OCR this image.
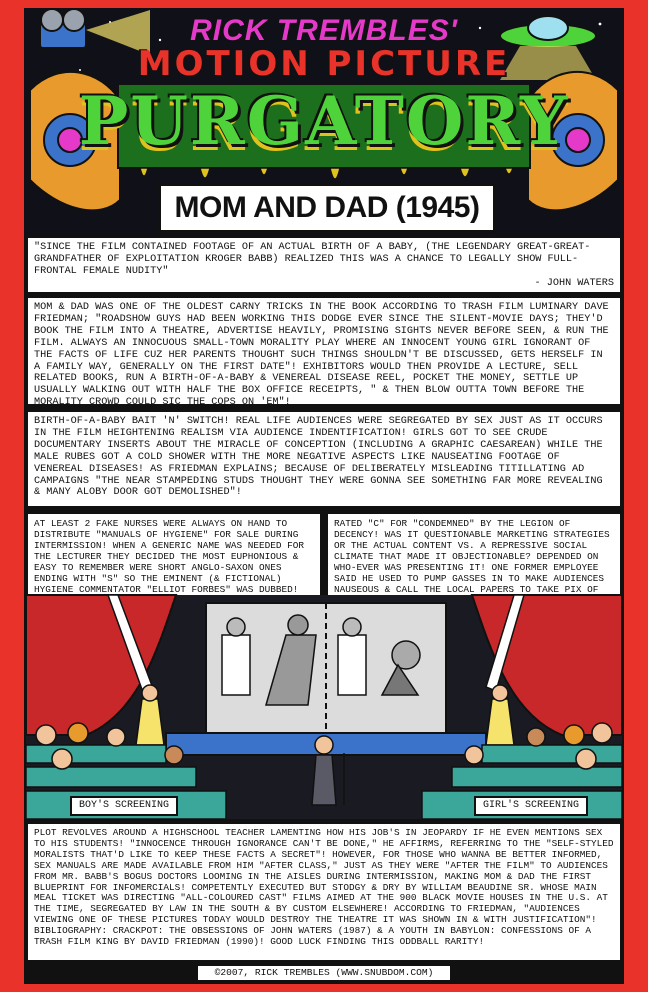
RICK TREMBLES'
MOTION PICTURE
PURGATORY
MOM AND DAD (1945)

"SINCE THE FILM CONTAINED FOOTAGE OF AN ACTUAL BIRTH OF A BABY, (THE LEGENDARY GREAT-GREAT-GRANDFATHER OF EXPLOITATION KROGER BABB) REALIZED THIS WAS A CHANCE TO LEGALLY SHOW FULL-FRONTAL FEMALE NUDITY"

- JOHN WATERS

MOM & DAD WAS ONE OF THE OLDEST CARNY TRICKS IN THE BOOK ACCORDING TO TRASH FILM LUMINARY DAVE FRIEDMAN; "ROADSHOW GUYS HAD BEEN WORKING THIS DODGE EVER SINCE THE SILENT-MOVIE DAYS; THEY'D BOOK THE FILM INTO A THEATRE, ADVERTISE HEAVILY, PROMISING SIGHTS NEVER BEFORE SEEN, & RUN THE FILM. ALWAYS AN INNOCUOUS SMALL-TOWN MORALITY PLAY WHERE AN INNOCENT YOUNG GIRL IGNORANT OF THE FACTS OF LIFE CUZ HER PARENTS THOUGHT SUCH THINGS SHOULDN'T BE DISCUSSED, GETS HERSELF IN A FAMILY WAY, GENERALLY ON THE FIRST DATE"! EXHIBITORS WOULD THEN PROVIDE A LECTURE, SELL RELATED BOOKS, RUN A BIRTH-OF-A-BABY & VENEREAL DISEASE REEL, POCKET THE MONEY, SETTLE UP USUALLY WALKING OUT WITH HALF THE BOX OFFICE RECEIPTS, " & THEN BLOW OUTTA TOWN BEFORE THE MORALITY CROWD COULD SIC THE COPS ON 'EM"!

BIRTH-OF-A-BABY BAIT 'N' SWITCH! REAL LIFE AUDIENCES WERE SEGREGATED BY SEX JUST AS IT OCCURS IN THE FILM HEIGHTENING REALISM VIA AUDIENCE INDENTIFICATION! GIRLS GOT TO SEE CRUDE DOCUMENTARY INSERTS ABOUT THE MIRACLE OF CONCEPTION (INCLUDING A GRAPHIC CAESAREAN) WHILE THE MALE RUBES GOT A COLD SHOWER WITH THE MORE NEGATIVE ASPECTS LIKE NAUSEATING FOOTAGE OF VENEREAL DISEASES! AS FRIEDMAN EXPLAINS; BECAUSE OF DELIBERATELY MISLEADING TITILLATING AD CAMPAIGNS "THE NEAR STAMPEDING STUDS THOUGHT THEY WERE GONNA SEE SOMETHING FAR MORE REVEALING & MANY ALOBY DOOR GOT DEMOLISHED"!

AT LEAST 2 FAKE NURSES WERE ALWAYS ON HAND TO DISTRIBUTE "MANUALS OF HYGIENE" FOR SALE DURING INTERMISSION! WHEN A GENERIC NAME WAS NEEDED FOR THE LECTURER THEY DECIDED THE MOST EUPHONIOUS & EASY TO REMEMBER WERE SHORT ANGLO-SAXON ONES ENDING WITH "S" SO THE EMINENT (& FICTIONAL) HYGIENE COMMENTATOR "ELLIOT FORBES" WAS DUBBED!

RATED "C" FOR "CONDEMNED" BY THE LEGION OF DECENCY! WAS IT QUESTIONABLE MARKETING STRATEGIES OR THE ACTUAL CONTENT VS. A REPRESSIVE SOCIAL CLIMATE THAT MADE IT OBJECTIONABLE? DEPENDED ON WHO-EVER WAS PRESENTING IT! ONE FORMER EMPLOYEE SAID HE USED TO PUMP GASSES IN TO MAKE AUDIENCES NAUSEOUS & CALL THE LOCAL PAPERS TO TAKE PIX OF

BOY'S SCREENING	GIRL'S SCREENING

PLOT REVOLVES AROUND A HIGHSCHOOL TEACHER LAMENTING HOW HIS JOB'S IN JEOPARDY IF HE EVEN MENTIONS SEX TO HIS STUDENTS! "INNOCENCE THROUGH IGNORANCE CAN'T BE DONE," HE AFFIRMS, REFERRING TO THE "SELF-STYLED MORALISTS THAT'D LIKE TO KEEP THESE FACTS A SECRET"! HOWEVER, FOR THOSE WHO WANNA BE BETTER INFORMED, SEX MANUALS ARE MADE AVAILABLE FROM HIM "AFTER CLASS," JUST AS THEY WERE "AFTER THE FILM" TO AUDIENCES FROM MR. BABB'S BOGUS DOCTORS LOOMING IN THE AISLES DURING INTERMISSION, MAKING MOM & DAD THE FIRST BLUEPRINT FOR INFOMERCIALS! COMPETENTLY EXECUTED BUT STODGY & DRY BY WILLIAM BEAUDINE SR. WHOSE MAIN MEAL TICKET WAS DIRECTING "ALL-COLOURED CAST" FILMS AIMED AT THE 900 BLACK MOVIE HOUSES IN THE U.S. AT THE TIME, SEGREGATED BY LAW IN THE SOUTH & BY CUSTOM ELSEWHERE! ACCORDING TO FRIEDMAN, "AUDIENCES VIEWING ONE OF THESE PICTURES TODAY WOULD DESTROY THE THEATRE IT WAS SHOWN IN & WITH JUSTIFICATION"! BIBLIOGRAPHY: CRACKPOT: THE OBSESSIONS OF JOHN WATERS (1987) & A YOUTH IN BABYLON: CONFESSIONS OF A TRASH FILM KING BY DAVID FRIEDMAN (1990)! GOOD LUCK FINDING THIS ODDBALL RARITY!

©2007, RICK TREMBLES (WWW.SNUBDOM.COM)
